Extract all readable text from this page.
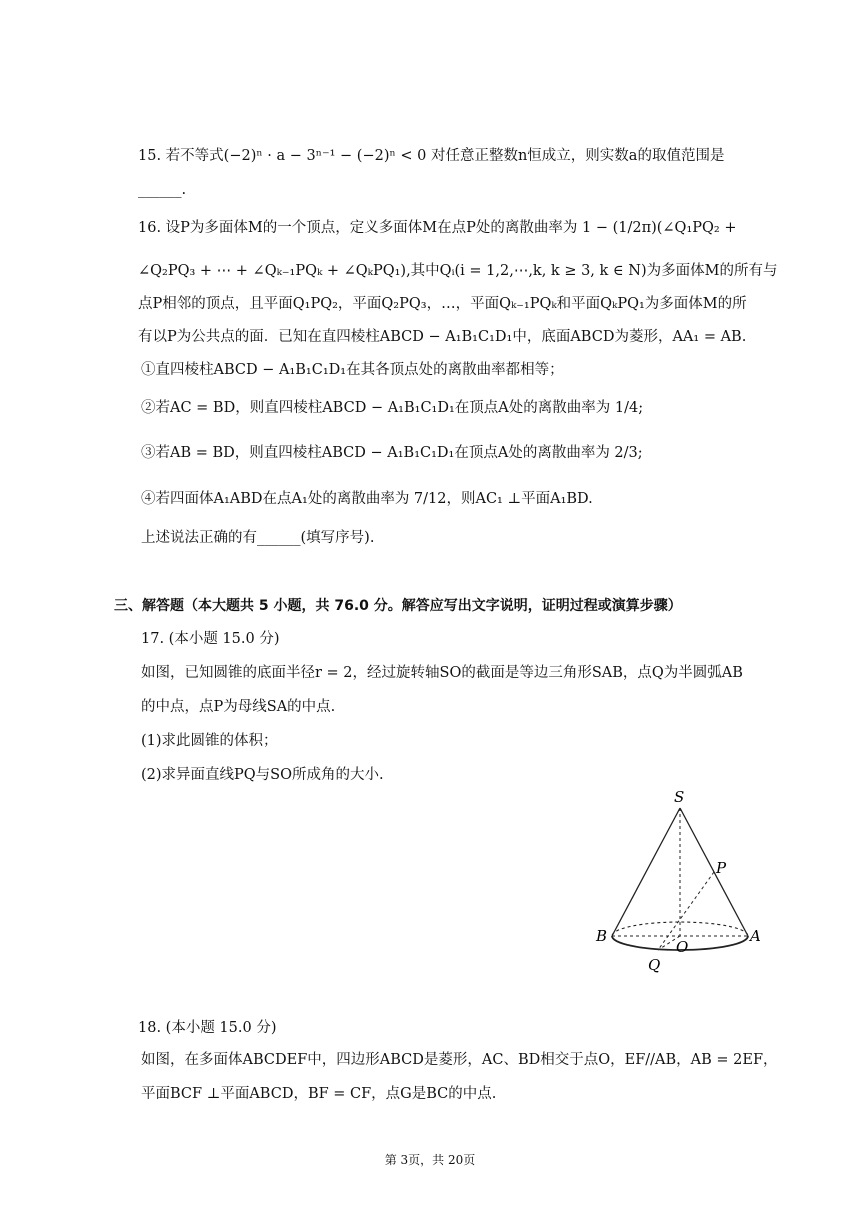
15. 若不等式(−2)ⁿ · a − 3ⁿ⁻¹ − (−2)ⁿ < 0 对任意正整数n恒成立，则实数a的取值范围是
______.
16. 设P为多面体M的一个顶点，定义多面体M在点P处的离散曲率为 1 − (1/2π)(∠Q₁PQ₂ +
∠Q₂PQ₃ + ⋯ + ∠Qₖ₋₁PQₖ + ∠QₖPQ₁),其中Qᵢ(i = 1,2,⋯,k, k ≥ 3, k ∈ N)为多面体M的所有与
点P相邻的顶点，且平面Q₁PQ₂，平面Q₂PQ₃，…，平面Qₖ₋₁PQₖ和平面QₖPQ₁为多面体M的所
有以P为公共点的面．已知在直四棱柱ABCD − A₁B₁C₁D₁中，底面ABCD为菱形，AA₁ = AB.
①直四棱柱ABCD − A₁B₁C₁D₁在其各顶点处的离散曲率都相等；
②若AC = BD，则直四棱柱ABCD − A₁B₁C₁D₁在顶点A处的离散曲率为 1/4;
③若AB = BD，则直四棱柱ABCD − A₁B₁C₁D₁在顶点A处的离散曲率为 2/3;
④若四面体A₁ABD在点A₁处的离散曲率为 7/12，则AC₁ ⊥平面A₁BD.
上述说法正确的有______(填写序号).
三、解答题（本大题共 5 小题，共 76.0 分。解答应写出文字说明，证明过程或演算步骤）
17. (本小题 15.0 分)
如图，已知圆锥的底面半径r = 2，经过旋转轴SO的截面是等边三角形SAB，点Q为半圆弧AB
的中点，点P为母线SA的中点.
(1)求此圆锥的体积；
(2)求异面直线PQ与SO所成角的大小.
S
P
B
O
A
Q
18. (本小题 15.0 分)
如图，在多面体ABCDEF中，四边形ABCD是菱形，AC、BD相交于点O，EF//AB，AB = 2EF，
平面BCF ⊥平面ABCD，BF = CF，点G是BC的中点.
第 3页，共 20页
